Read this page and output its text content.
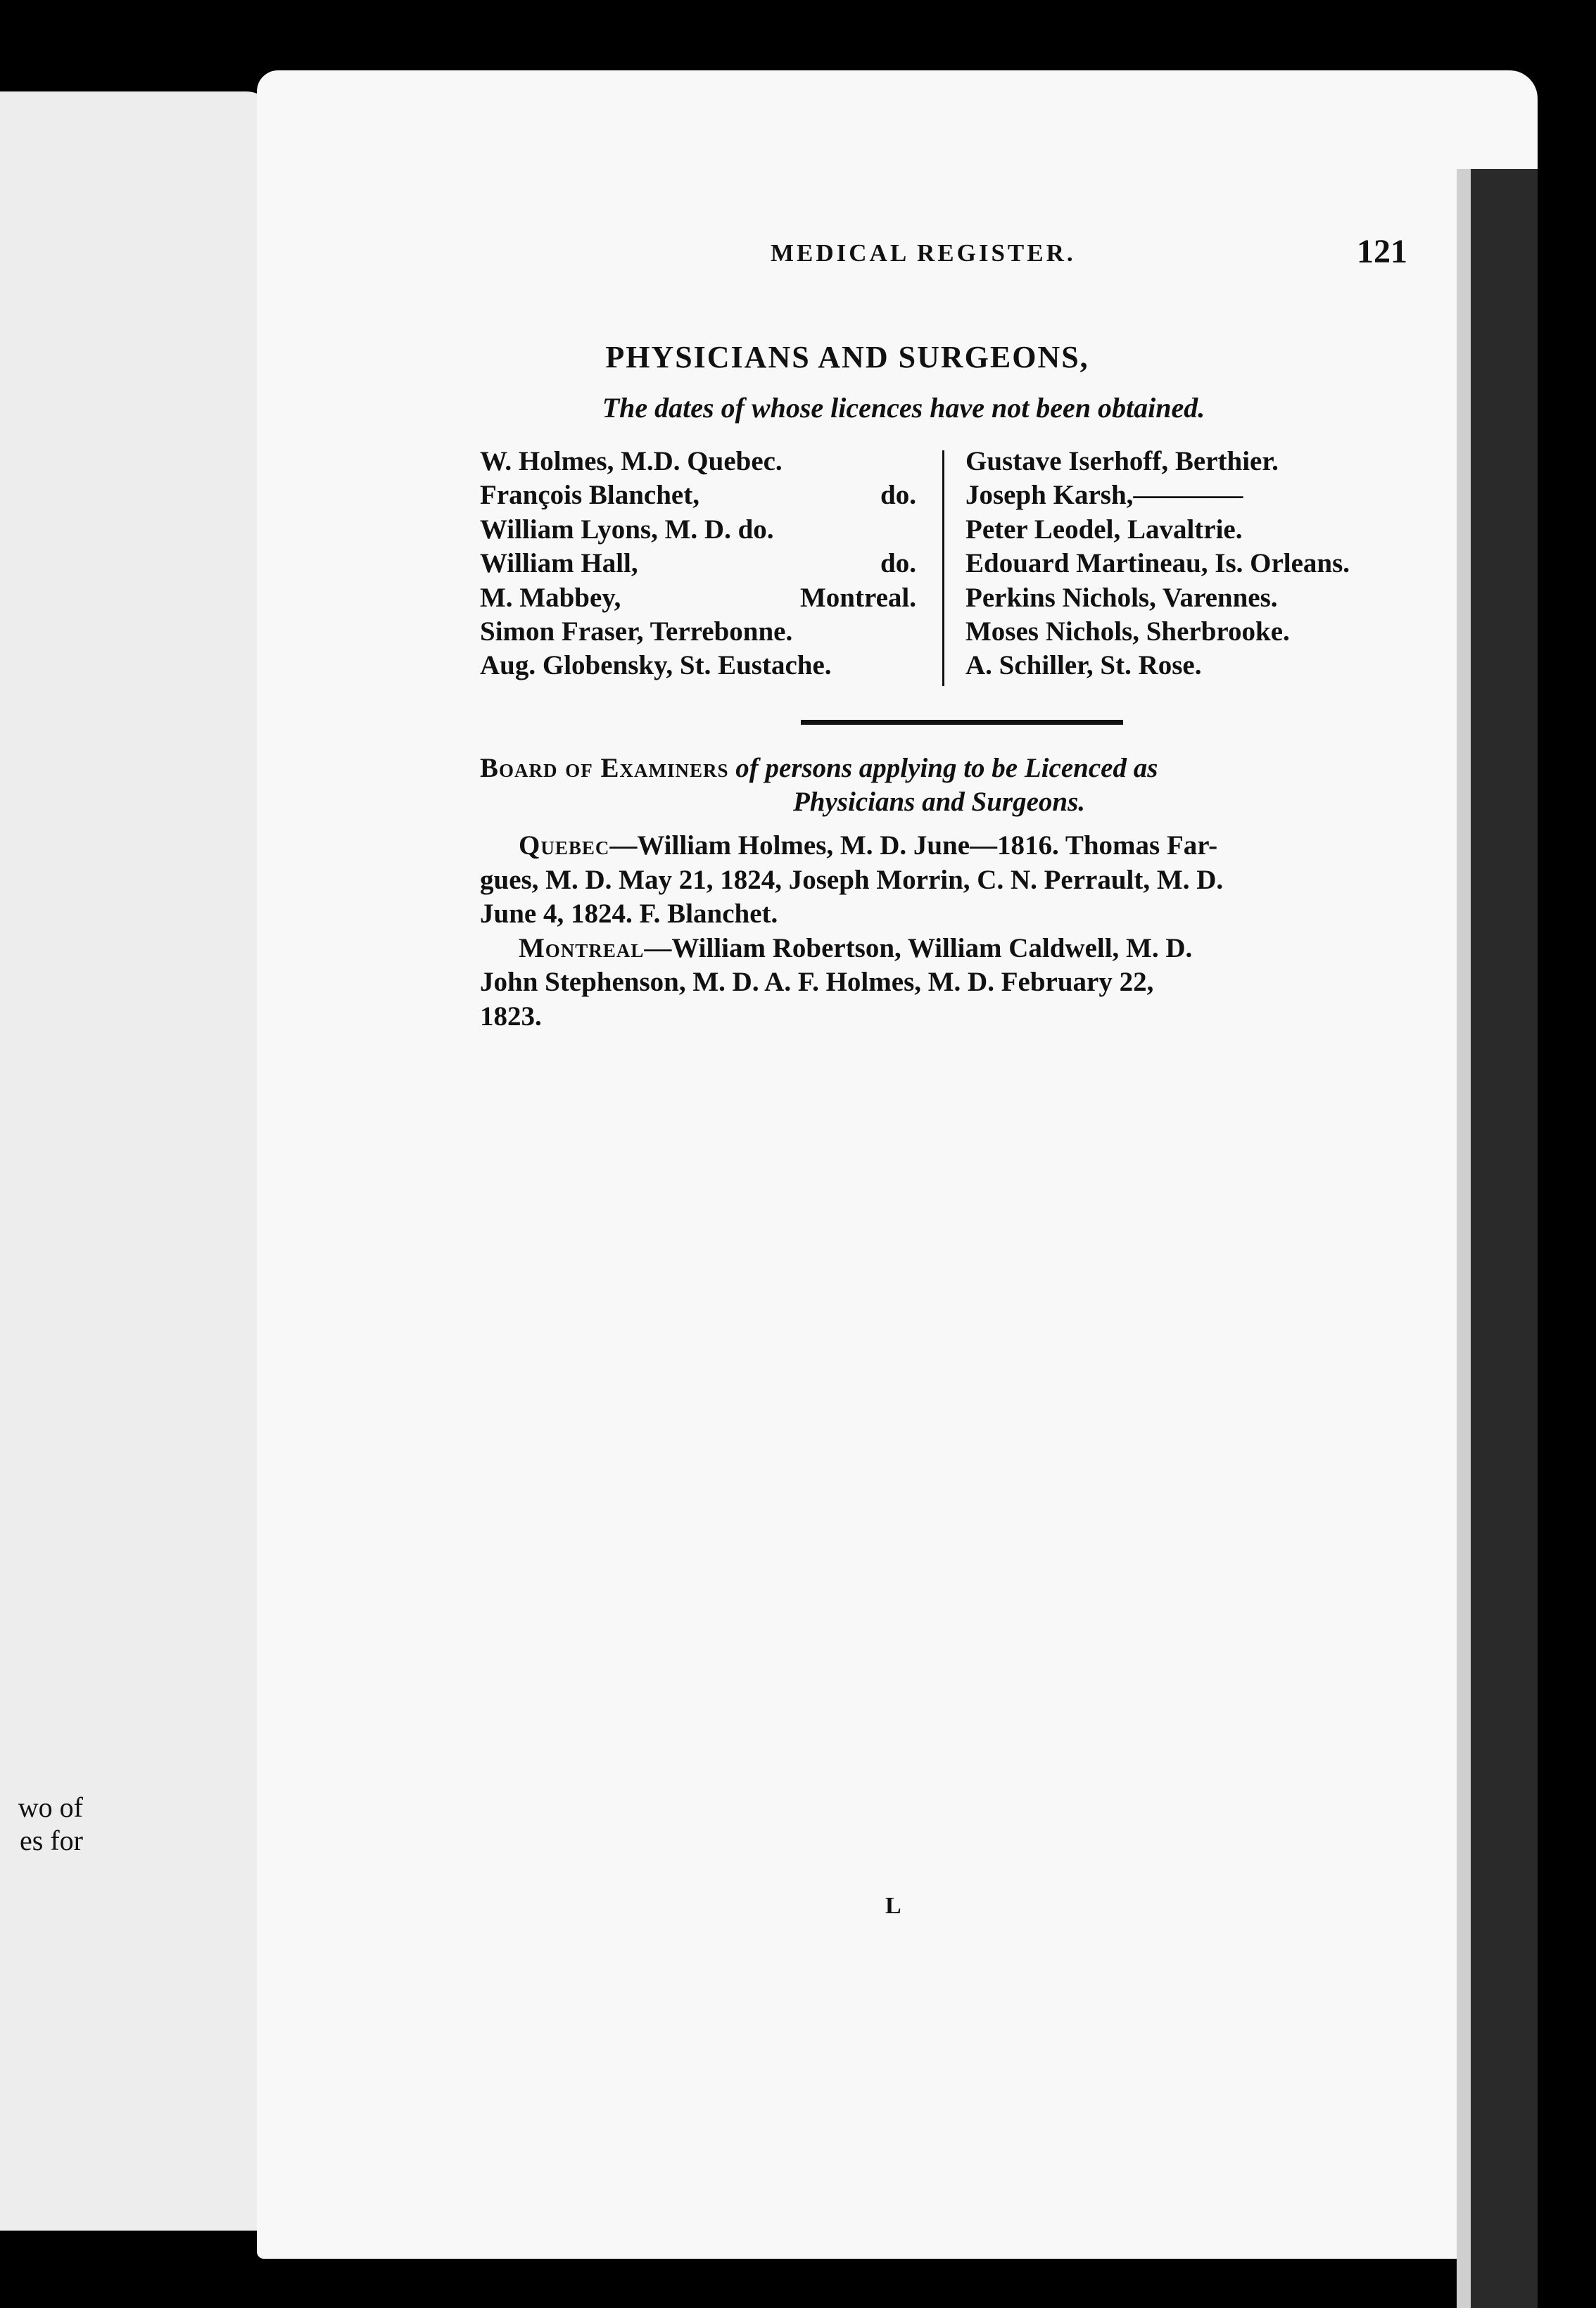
wo of
es for
MEDICAL REGISTER.	121
PHYSICIANS AND SURGEONS,
The dates of whose licences have not been obtained.
W. Holmes, M.D. Quebec.
François Blanchet,	do.
William Lyons, M. D. do.
William Hall,	do.
M. Mabbey,	Montreal.
Simon Fraser, Terrebonne.
Aug. Globensky, St. Eustache.
Gustave Iserhoff, Berthier.
Joseph Karsh,————
Peter Leodel, Lavaltrie.
Edouard Martineau, Is. Orleans.
Perkins Nichols, Varennes.
Moses Nichols, Sherbrooke.
A. Schiller, St. Rose.
Board of Examiners of persons applying to be Licenced as
Physicians and Surgeons.
Quebec—William Holmes, M. D. June—1816. Thomas Far-
gues, M. D. May 21, 1824, Joseph Morrin, C. N. Perrault, M. D.
June 4, 1824. F. Blanchet.
Montreal—William Robertson, William Caldwell, M. D.
John Stephenson, M. D. A. F. Holmes, M. D. February 22,
1823.
L
